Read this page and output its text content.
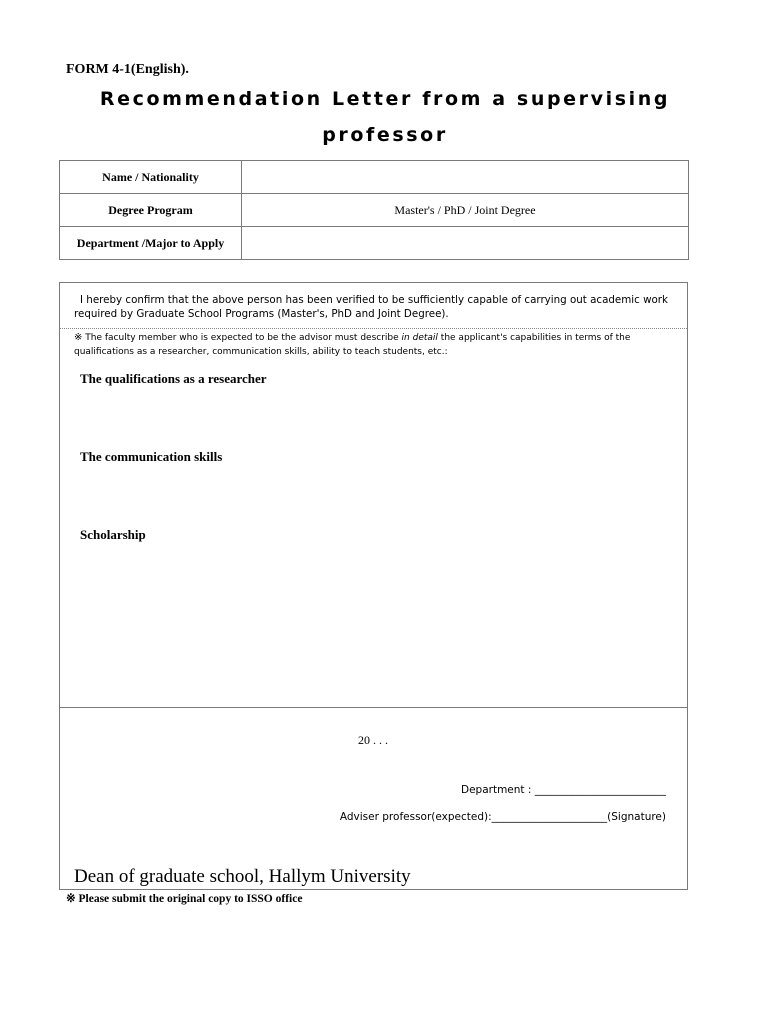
FORM 4-1(English).
Recommendation Letter from a supervising
professor
Name / Nationality	
Degree Program	Master's / PhD / Joint Degree
Department /Major to Apply	
I hereby confirm that the above person has been verified to be sufficiently capable of carrying out academic work required by Graduate School Programs (Master's, PhD and Joint Degree).
※ The faculty member who is expected to be the advisor must describe in detail the applicant's capabilities in terms of the qualifications as a researcher, communication skills, ability to teach students, etc.:
The qualifications as a researcher
The communication skills
Scholarship
20 . . .
Department : _________________________
Adviser professor(expected):______________________(Signature)
Dean of graduate school, Hallym University
※ Please submit the original copy to ISSO office
